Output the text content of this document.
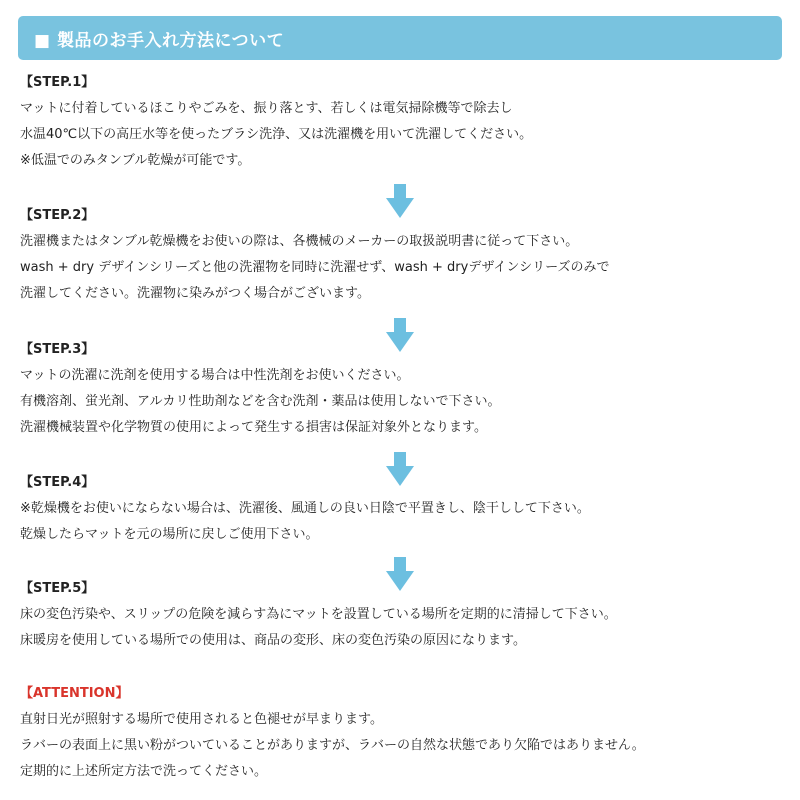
■ 製品のお手入れ方法について
【STEP.1】
マットに付着しているほこりやごみを、振り落とす、若しくは電気掃除機等で除去し
水温40℃以下の高圧水等を使ったブラシ洗浄、又は洗濯機を用いて洗濯してください。
※低温でのみタンブル乾燥が可能です。
【STEP.2】
洗濯機またはタンブル乾燥機をお使いの際は、各機械のメーカーの取扱説明書に従って下さい。
wash + dry デザインシリーズと他の洗濯物を同時に洗濯せず、wash + dryデザインシリーズのみで
洗濯してください。洗濯物に染みがつく場合がございます。
【STEP.3】
マットの洗濯に洗剤を使用する場合は中性洗剤をお使いください。
有機溶剤、蛍光剤、アルカリ性助剤などを含む洗剤・薬品は使用しないで下さい。
洗濯機械装置や化学物質の使用によって発生する損害は保証対象外となります。
【STEP.4】
※乾燥機をお使いにならない場合は、洗濯後、風通しの良い日陰で平置きし、陰干しして下さい。
乾燥したらマットを元の場所に戻しご使用下さい。
【STEP.5】
床の変色汚染や、スリップの危険を減らす為にマットを設置している場所を定期的に清掃して下さい。
床暖房を使用している場所での使用は、商品の変形、床の変色汚染の原因になります。
【ATTENTION】
直射日光が照射する場所で使用されると色褪せが早まります。
ラバーの表面上に黒い粉がついていることがありますが、ラバーの自然な状態であり欠陥ではありません。
定期的に上述所定方法で洗ってください。
